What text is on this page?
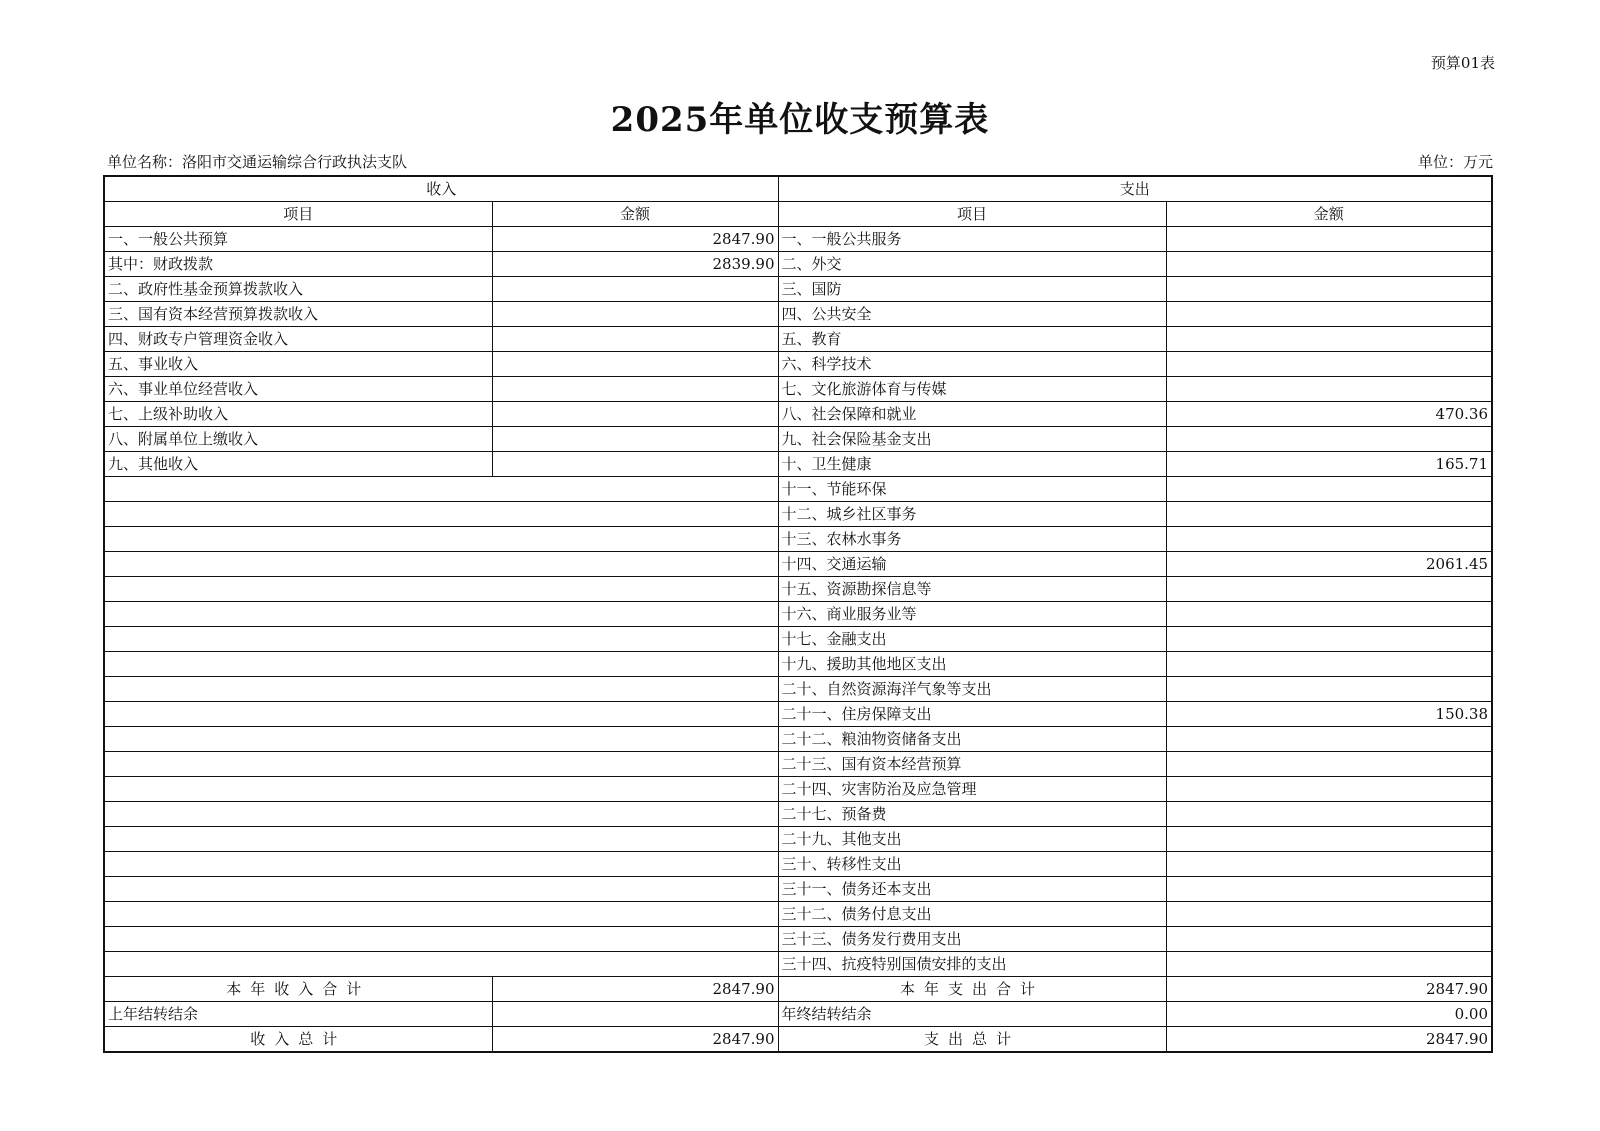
预算01表
2025年单位收支预算表
单位名称：洛阳市交通运输综合行政执法支队	单位：万元
收入		支出	
项目	金额	项目	金额
一、一般公共预算	2847.90	一、一般公共服务	
其中：财政拨款	2839.90	二、外交	
二、政府性基金预算拨款收入		三、国防	
三、国有资本经营预算拨款收入		四、公共安全	
四、财政专户管理资金收入		五、教育	
五、事业收入		六、科学技术	
六、事业单位经营收入		七、文化旅游体育与传媒	
七、上级补助收入		八、社会保障和就业	470.36
八、附属单位上缴收入		九、社会保险基金支出	
九、其他收入		十、卫生健康	165.71
		十一、节能环保	
		十二、城乡社区事务	
		十三、农林水事务	
		十四、交通运输	2061.45
		十五、资源勘探信息等	
		十六、商业服务业等	
		十七、金融支出	
		十九、援助其他地区支出	
		二十、自然资源海洋气象等支出	
		二十一、住房保障支出	150.38
		二十二、粮油物资储备支出	
		二十三、国有资本经营预算	
		二十四、灾害防治及应急管理	
		二十七、预备费	
		二十九、其他支出	
		三十、转移性支出	
		三十一、债务还本支出	
		三十二、债务付息支出	
		三十三、债务发行费用支出	
		三十四、抗疫特别国债安排的支出	
本年收入合计	2847.90	本年支出合计	2847.90
上年结转结余		年终结转结余	0.00
收入总计	2847.90	支出总计	2847.90
